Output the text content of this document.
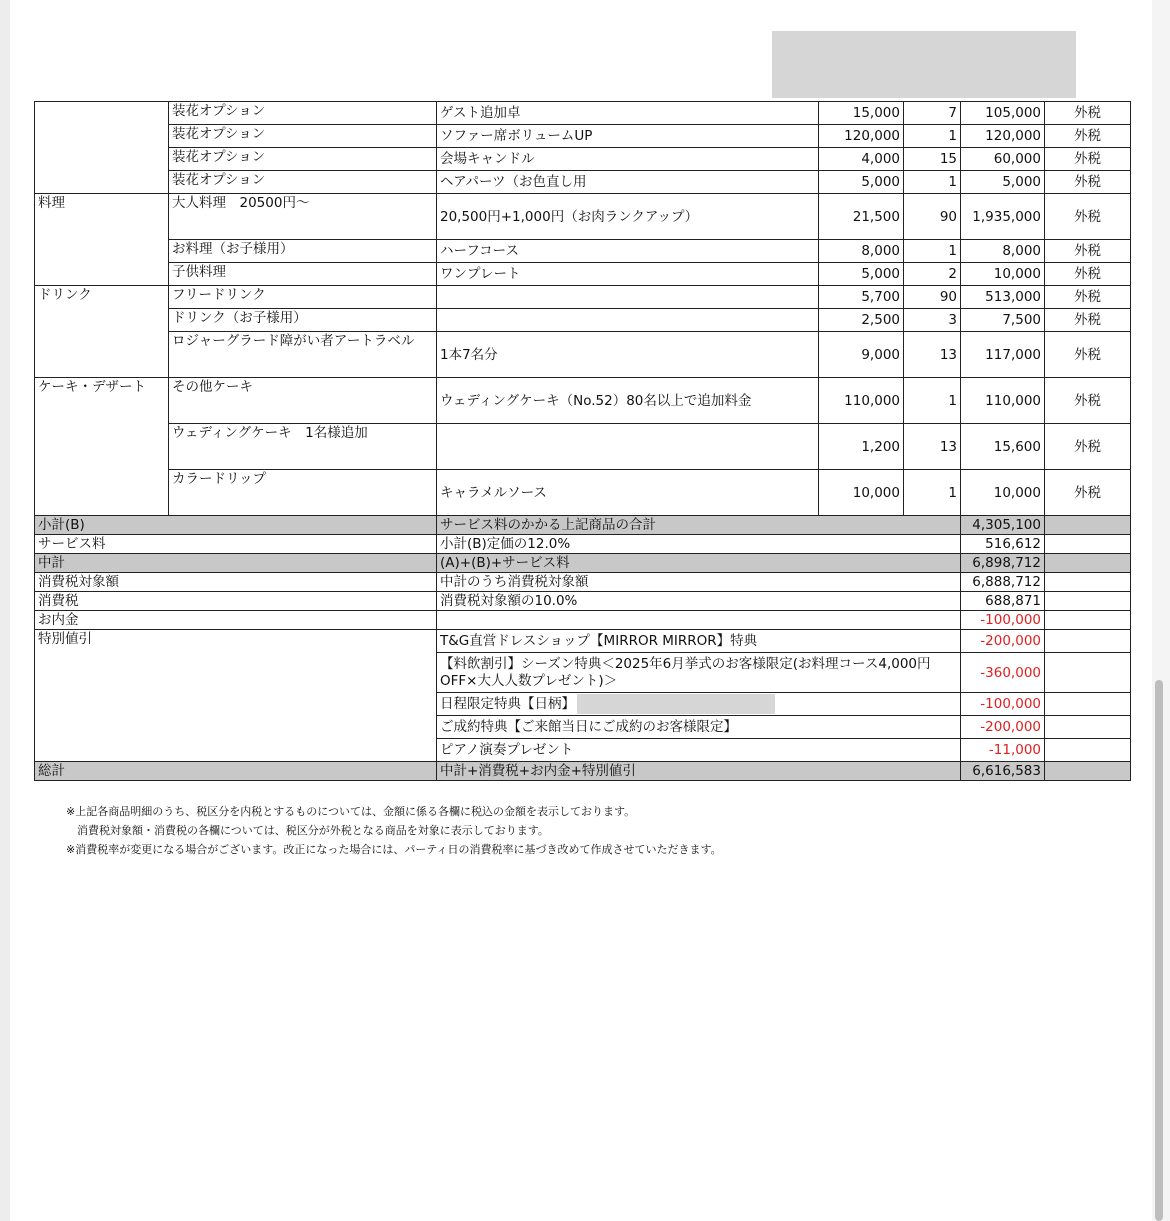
	装花オプション	ゲスト追加卓	15,000	7	105,000	外税
	装花オプション	ソファー席ボリュームUP	120,000	1	120,000	外税
	装花オプション	会場キャンドル	4,000	15	60,000	外税
	装花オプション	ヘアパーツ（お色直し用	5,000	1	5,000	外税
料理	大人料理　20500円～	20,500円+1,000円（お肉ランクアップ）	21,500	90	1,935,000	外税
	お料理（お子様用）	ハーフコース	8,000	1	8,000	外税
	子供料理	ワンプレート	5,000	2	10,000	外税
ドリンク	フリードリンク		5,700	90	513,000	外税
	ドリンク（お子様用）		2,500	3	7,500	外税
	ロジャーグラード障がい者アートラベル	1本7名分	9,000	13	117,000	外税
ケーキ・デザート	その他ケーキ	ウェディングケーキ（No.52）80名以上で追加料金	110,000	1	110,000	外税
	ウェディングケーキ　1名様追加		1,200	13	15,600	外税
	カラードリップ	キャラメルソース	10,000	1	10,000	外税
小計(B)		サービス料のかかる上記商品の合計			4,305,100	
サービス料		小計(B)定価の12.0%			516,612	
中計		(A)+(B)+サービス料			6,898,712	
消費税対象額		中計のうち消費税対象額			6,888,712	
消費税		消費税対象額の10.0%			688,871	
お内金					-100,000	
特別値引		T&G直営ドレスショップ【MIRROR MIRROR】特典			-200,000	
		【料飲割引】シーズン特典＜2025年6月挙式のお客様限定(お料理コース4,000円OFF×大人人数プレゼント)＞			-360,000	
		日程限定特典【日柄】			-100,000	
		ご成約特典【ご来館当日にご成約のお客様限定】			-200,000	
		ピアノ演奏プレゼント			-11,000	
総計		中計+消費税+お内金+特別値引			6,616,583	
※上記各商品明細のうち、税区分を内税とするものについては、金額に係る各欄に税込の金額を表示しております。
　消費税対象額・消費税の各欄については、税区分が外税となる商品を対象に表示しております。
※消費税率が変更になる場合がございます。改正になった場合には、パーティ日の消費税率に基づき改めて作成させていただきます。
